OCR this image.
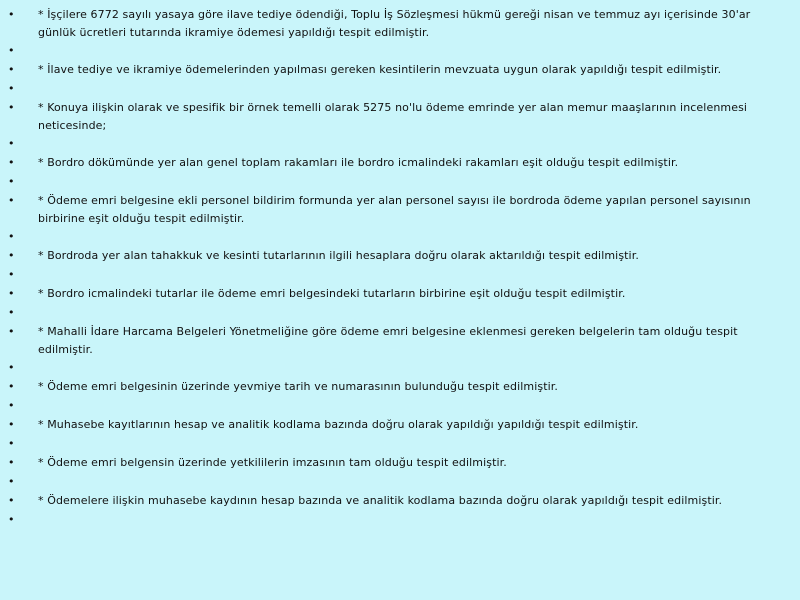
•	* İşçilere 6772 sayılı yasaya göre ilave tediye ödendiği, Toplu İş Sözleşmesi hükmü gereği nisan ve temmuz ayı içerisinde 30'ar günlük ücretleri tutarında ikramiye ödemesi yapıldığı tespit edilmiştir.
•
•	* İlave tediye ve ikramiye ödemelerinden yapılması gereken kesintilerin mevzuata uygun olarak yapıldığı tespit edilmiştir.
•
•	* Konuya ilişkin olarak ve spesifik bir örnek temelli olarak 5275 no'lu ödeme emrinde yer alan memur maaşlarının incelenmesi neticesinde;
•
•	* Bordro dökümünde yer alan genel toplam rakamları ile bordro icmalindeki rakamları eşit olduğu tespit edilmiştir.
•
•	* Ödeme emri belgesine ekli personel bildirim formunda yer alan personel sayısı ile bordroda ödeme yapılan personel sayısının birbirine eşit olduğu tespit edilmiştir.
•
•	* Bordroda yer alan tahakkuk ve kesinti tutarlarının ilgili hesaplara doğru olarak aktarıldığı tespit edilmiştir.
•
•	* Bordro icmalindeki tutarlar ile ödeme emri belgesindeki tutarların birbirine eşit olduğu tespit edilmiştir.
•
•	* Mahalli İdare Harcama Belgeleri Yönetmeliğine göre ödeme emri belgesine eklenmesi gereken belgelerin tam olduğu tespit edilmiştir.
•
•	* Ödeme emri belgesinin üzerinde yevmiye tarih ve numarasının bulunduğu tespit edilmiştir.
•
•	* Muhasebe kayıtlarının hesap ve analitik kodlama bazında doğru olarak yapıldığı yapıldığı tespit edilmiştir.
•
•	* Ödeme emri belgensin üzerinde yetkililerin imzasının tam olduğu tespit edilmiştir.
•
•	* Ödemelere ilişkin muhasebe kaydının hesap bazında ve analitik kodlama bazında doğru olarak yapıldığı tespit edilmiştir.
•
